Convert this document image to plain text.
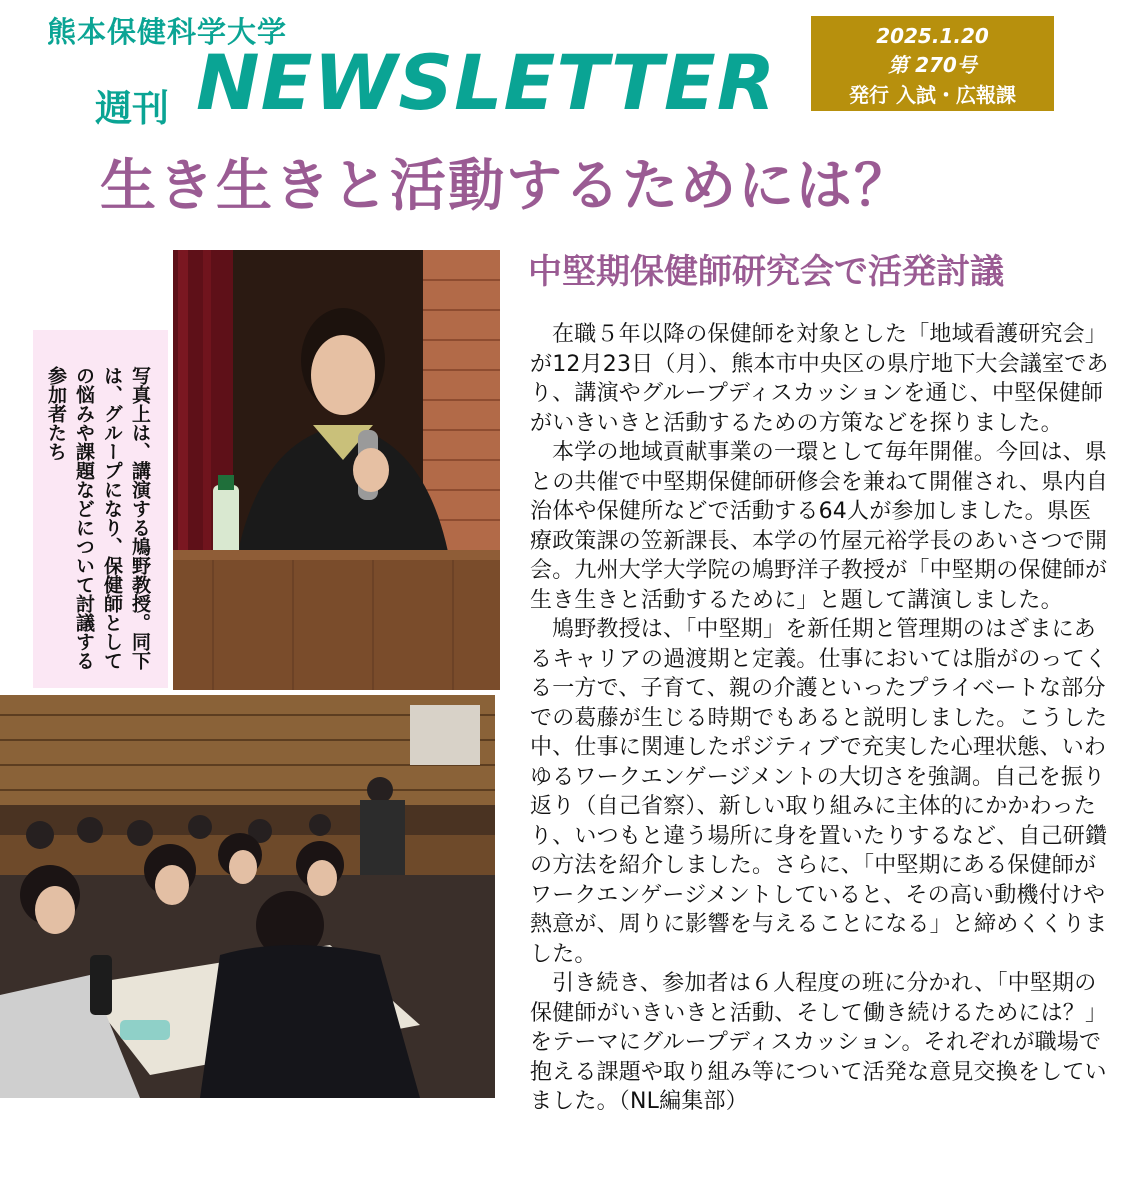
熊本保健科学大学
週刊 NEWSLETTER
2025.1.20
第 270号
発行 入試・広報課
生き生きと活動するためには？
写真上は、講演する鳩野教授。同下は、グループになり、保健師としての悩みや課題などについて討議する参加者たち
中堅期保健師研究会で活発討議

在職５年以降の保健師を対象とした「地域看護研究会」が12月23日（月）、熊本市中央区の県庁地下大会議室であり、講演やグループディスカッションを通じ、中堅保健師がいきいきと活動するための方策などを探りました。

本学の地域貢献事業の一環として毎年開催。今回は、県との共催で中堅期保健師研修会を兼ねて開催され、県内自治体や保健所などで活動する64人が参加しました。県医療政策課の笠新課長、本学の竹屋元裕学長のあいさつで開会。九州大学大学院の鳩野洋子教授が「中堅期の保健師が生き生きと活動するために」と題して講演しました。

鳩野教授は、「中堅期」を新任期と管理期のはざまにあるキャリアの過渡期と定義。仕事においては脂がのってくる一方で、子育て、親の介護といったプライベートな部分での葛藤が生じる時期でもあると説明しました。こうした中、仕事に関連したポジティブで充実した心理状態、いわゆるワークエンゲージメントの大切さを強調。自己を振り返り（自己省察）、新しい取り組みに主体的にかかわったり、いつもと違う場所に身を置いたりするなど、自己研鑽の方法を紹介しました。さらに、「中堅期にある保健師がワークエンゲージメントしていると、その高い動機付けや熱意が、周りに影響を与えることになる」と締めくくりました。

引き続き、参加者は６人程度の班に分かれ、「中堅期の保健師がいきいきと活動、そして働き続けるためには？」をテーマにグループディスカッション。それぞれが職場で抱える課題や取り組み等について活発な意見交換をしていました。（NL編集部）
